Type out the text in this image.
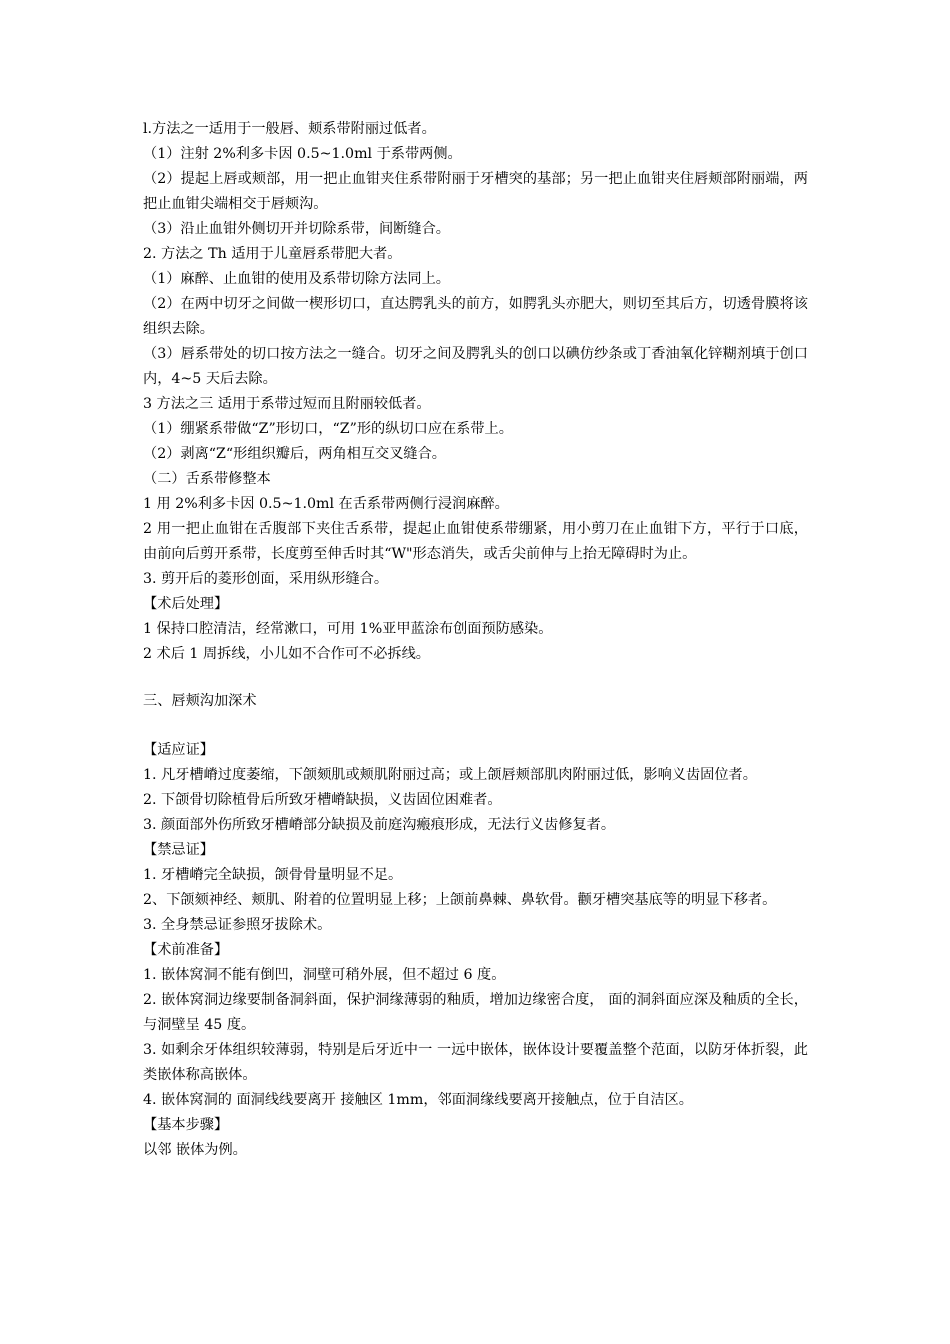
l.方法之一适用于一般唇、颊系带附丽过低者。

（1）注射 2%利多卡因 0.5~1.0ml 于系带两侧。

（2）提起上唇或颊部，用一把止血钳夹住系带附丽于牙槽突的基部；另一把止血钳夹住唇颊部附丽端，两把止血钳尖端相交于唇颊沟。

（3）沿止血钳外侧切开并切除系带，间断缝合。

2. 方法之 Th 适用于儿童唇系带肥大者。

（1）麻醉、止血钳的使用及系带切除方法同上。

（2）在两中切牙之间做一楔形切口，直达腭乳头的前方，如腭乳头亦肥大，则切至其后方，切透骨膜将该组织去除。

（3）唇系带处的切口按方法之一缝合。切牙之间及腭乳头的创口以碘仿纱条或丁香油氧化锌糊剂填于创口内，4~5 天后去除。

3 方法之三 适用于系带过短而且附丽较低者。

（1）绷紧系带做“Z”形切口，“Z”形的纵切口应在系带上。

（2）剥离“Z“形组织瓣后，两角相互交叉缝合。

（二）舌系带修整本

1 用 2%利多卡因 0.5~1.0ml 在舌系带两侧行浸润麻醉。

2 用一把止血钳在舌腹部下夹住舌系带，提起止血钳使系带绷紧，用小剪刀在止血钳下方，平行于口底，由前向后剪开系带，长度剪至伸舌时其“W"形态消失，或舌尖前伸与上抬无障碍时为止。

3. 剪开后的菱形创面，采用纵形缝合。

【术后处理】

1 保持口腔清洁，经常漱口，可用 1%亚甲蓝涂布创面预防感染。

2 术后 1 周拆线，小儿如不合作可不必拆线。

三、唇颊沟加深术

【适应证】

1. 凡牙槽嵴过度萎缩，下颌颏肌或颊肌附丽过高；或上颌唇颊部肌肉附丽过低，影响义齿固位者。

2. 下颌骨切除植骨后所致牙槽嵴缺损，义齿固位困难者。

3. 颜面部外伤所致牙槽嵴部分缺损及前庭沟瘢痕形成，无法行义齿修复者。

【禁忌证】

1. 牙槽嵴完全缺损，颌骨骨量明显不足。

2、下颌颏神经、颊肌、附着的位置明显上移；上颌前鼻棘、鼻软骨。颧牙槽突基底等的明显下移者。

3. 全身禁忌证参照牙拔除术。

【术前准备】

1. 嵌体窝洞不能有倒凹，洞壁可稍外展，但不超过 6 度。

2. 嵌体窝洞边缘要制备洞斜面，保护洞缘薄弱的釉质，增加边缘密合度， 面的洞斜面应深及釉质的全长，与洞壁呈 45 度。

3. 如剩余牙体组织较薄弱，特别是后牙近中一 一远中嵌体，嵌体设计要覆盖整个范面，以防牙体折裂，此类嵌体称高嵌体。

4. 嵌体窝洞的 面洞线线要离开 接触区 1mm，邻面洞缘线要离开接触点，位于自洁区。

【基本步骤】

以邻 嵌体为例。
